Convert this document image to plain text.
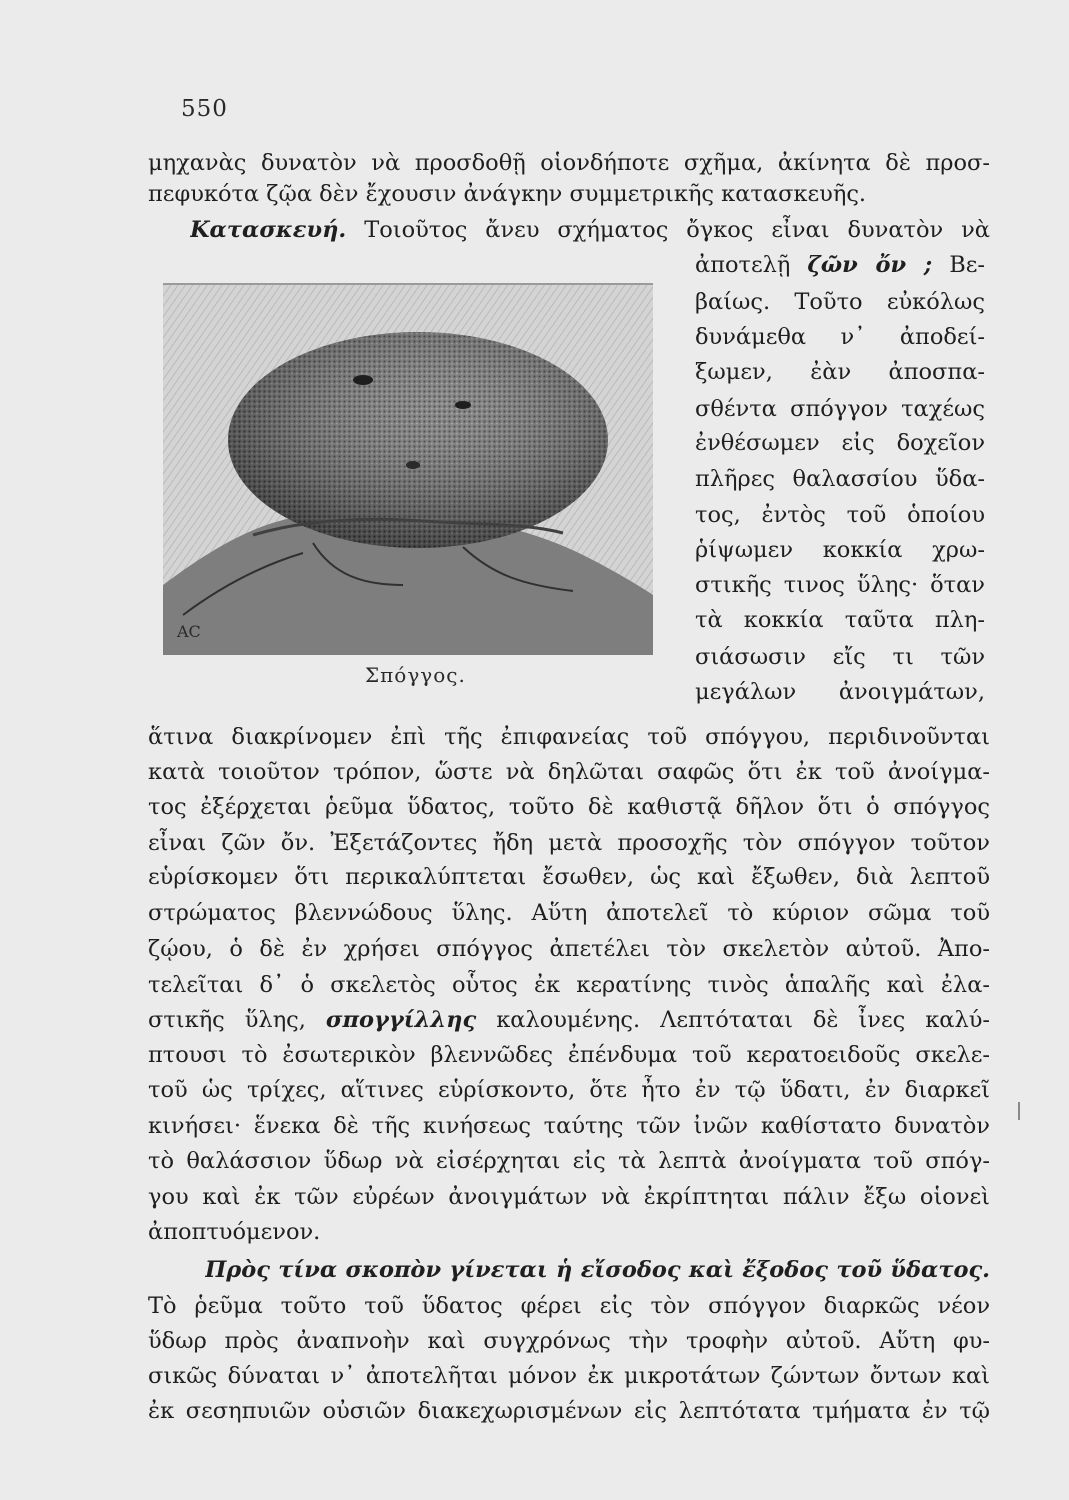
550
μηχανὰς δυνατὸν νὰ προσδοθῇ οἱονδήποτε σχῆμα, ἀκίνητα δὲ προσ-
πεφυκότα ζῷα δὲν ἔχουσιν ἀνάγκην συμμετρικῆς κατασκευῆς.
Κατασκευή. Τοιοῦτος ἄνευ σχήματος ὄγκος εἶναι δυνατὸν νὰ
AC
Σπόγγος.
ἀποτελῇ ζῶν ὄν ; Βε-
βαίως. Τοῦτο εὐκόλως
δυνάμεθα ν᾽ ἀποδεί-
ξωμεν, ἐὰν ἀποσπα-
σθέντα σπόγγον ταχέως
ἐνθέσωμεν εἰς δοχεῖον
πλῆρες θαλασσίου ὕδα-
τος, ἐντὸς τοῦ ὁποίου
ῥίψωμεν κοκκία χρω-
στικῆς τινος ὕλης· ὅταν
τὰ κοκκία ταῦτα πλη-
σιάσωσιν εἴς τι τῶν
μεγάλων ἀνοιγμάτων,
ἅτινα διακρίνομεν ἐπὶ τῆς ἐπιφανείας τοῦ σπόγγου, περιδινοῦνται
κατὰ τοιοῦτον τρόπον, ὥστε νὰ δηλῶται σαφῶς ὅτι ἐκ τοῦ ἀνοίγμα-
τος ἐξέρχεται ῥεῦμα ὕδατος, τοῦτο δὲ καθιστᾷ δῆλον ὅτι ὁ σπόγγος
εἶναι ζῶν ὄν. Ἐξετάζοντες ἤδη μετὰ προσοχῆς τὸν σπόγγον τοῦτον
εὑρίσκομεν ὅτι περικαλύπτεται ἔσωθεν, ὡς καὶ ἔξωθεν, διὰ λεπτοῦ
στρώματος βλεννώδους ὕλης. Αὕτη ἀποτελεῖ τὸ κύριον σῶμα τοῦ
ζῴου, ὁ δὲ ἐν χρήσει σπόγγος ἀπετέλει τὸν σκελετὸν αὐτοῦ. Ἀπο-
τελεῖται δ᾽ ὁ σκελετὸς οὗτος ἐκ κερατίνης τινὸς ἁπαλῆς καὶ ἐλα-
στικῆς ὕλης, σπογγίλλης καλουμένης. Λεπτόταται δὲ ἶνες καλύ-
πτουσι τὸ ἐσωτερικὸν βλεννῶδες ἐπένδυμα τοῦ κερατοειδοῦς σκελε-
τοῦ ὡς τρίχες, αἵτινες εὑρίσκοντο, ὅτε ἦτο ἐν τῷ ὕδατι, ἐν διαρκεῖ
κινήσει· ἕνεκα δὲ τῆς κινήσεως ταύτης τῶν ἰνῶν καθίστατο δυνατὸν
τὸ θαλάσσιον ὕδωρ νὰ εἰσέρχηται εἰς τὰ λεπτὰ ἀνοίγματα τοῦ σπόγ-
γου καὶ ἐκ τῶν εὐρέων ἀνοιγμάτων νὰ ἐκρίπτηται πάλιν ἔξω οἱονεὶ
ἀποπτυόμενον.
Πρὸς τίνα σκοπὸν γίνεται ἡ εἴσοδος καὶ ἔξοδος τοῦ ὕδατος.
Τὸ ῥεῦμα τοῦτο τοῦ ὕδατος φέρει εἰς τὸν σπόγγον διαρκῶς νέον
ὕδωρ πρὸς ἀναπνοὴν καὶ συγχρόνως τὴν τροφὴν αὐτοῦ. Αὕτη φυ-
σικῶς δύναται ν᾽ ἀποτελῆται μόνον ἐκ μικροτάτων ζώντων ὄντων καὶ
ἐκ σεσηπυιῶν οὐσιῶν διακεχωρισμένων εἰς λεπτότατα τμήματα ἐν τῷ
